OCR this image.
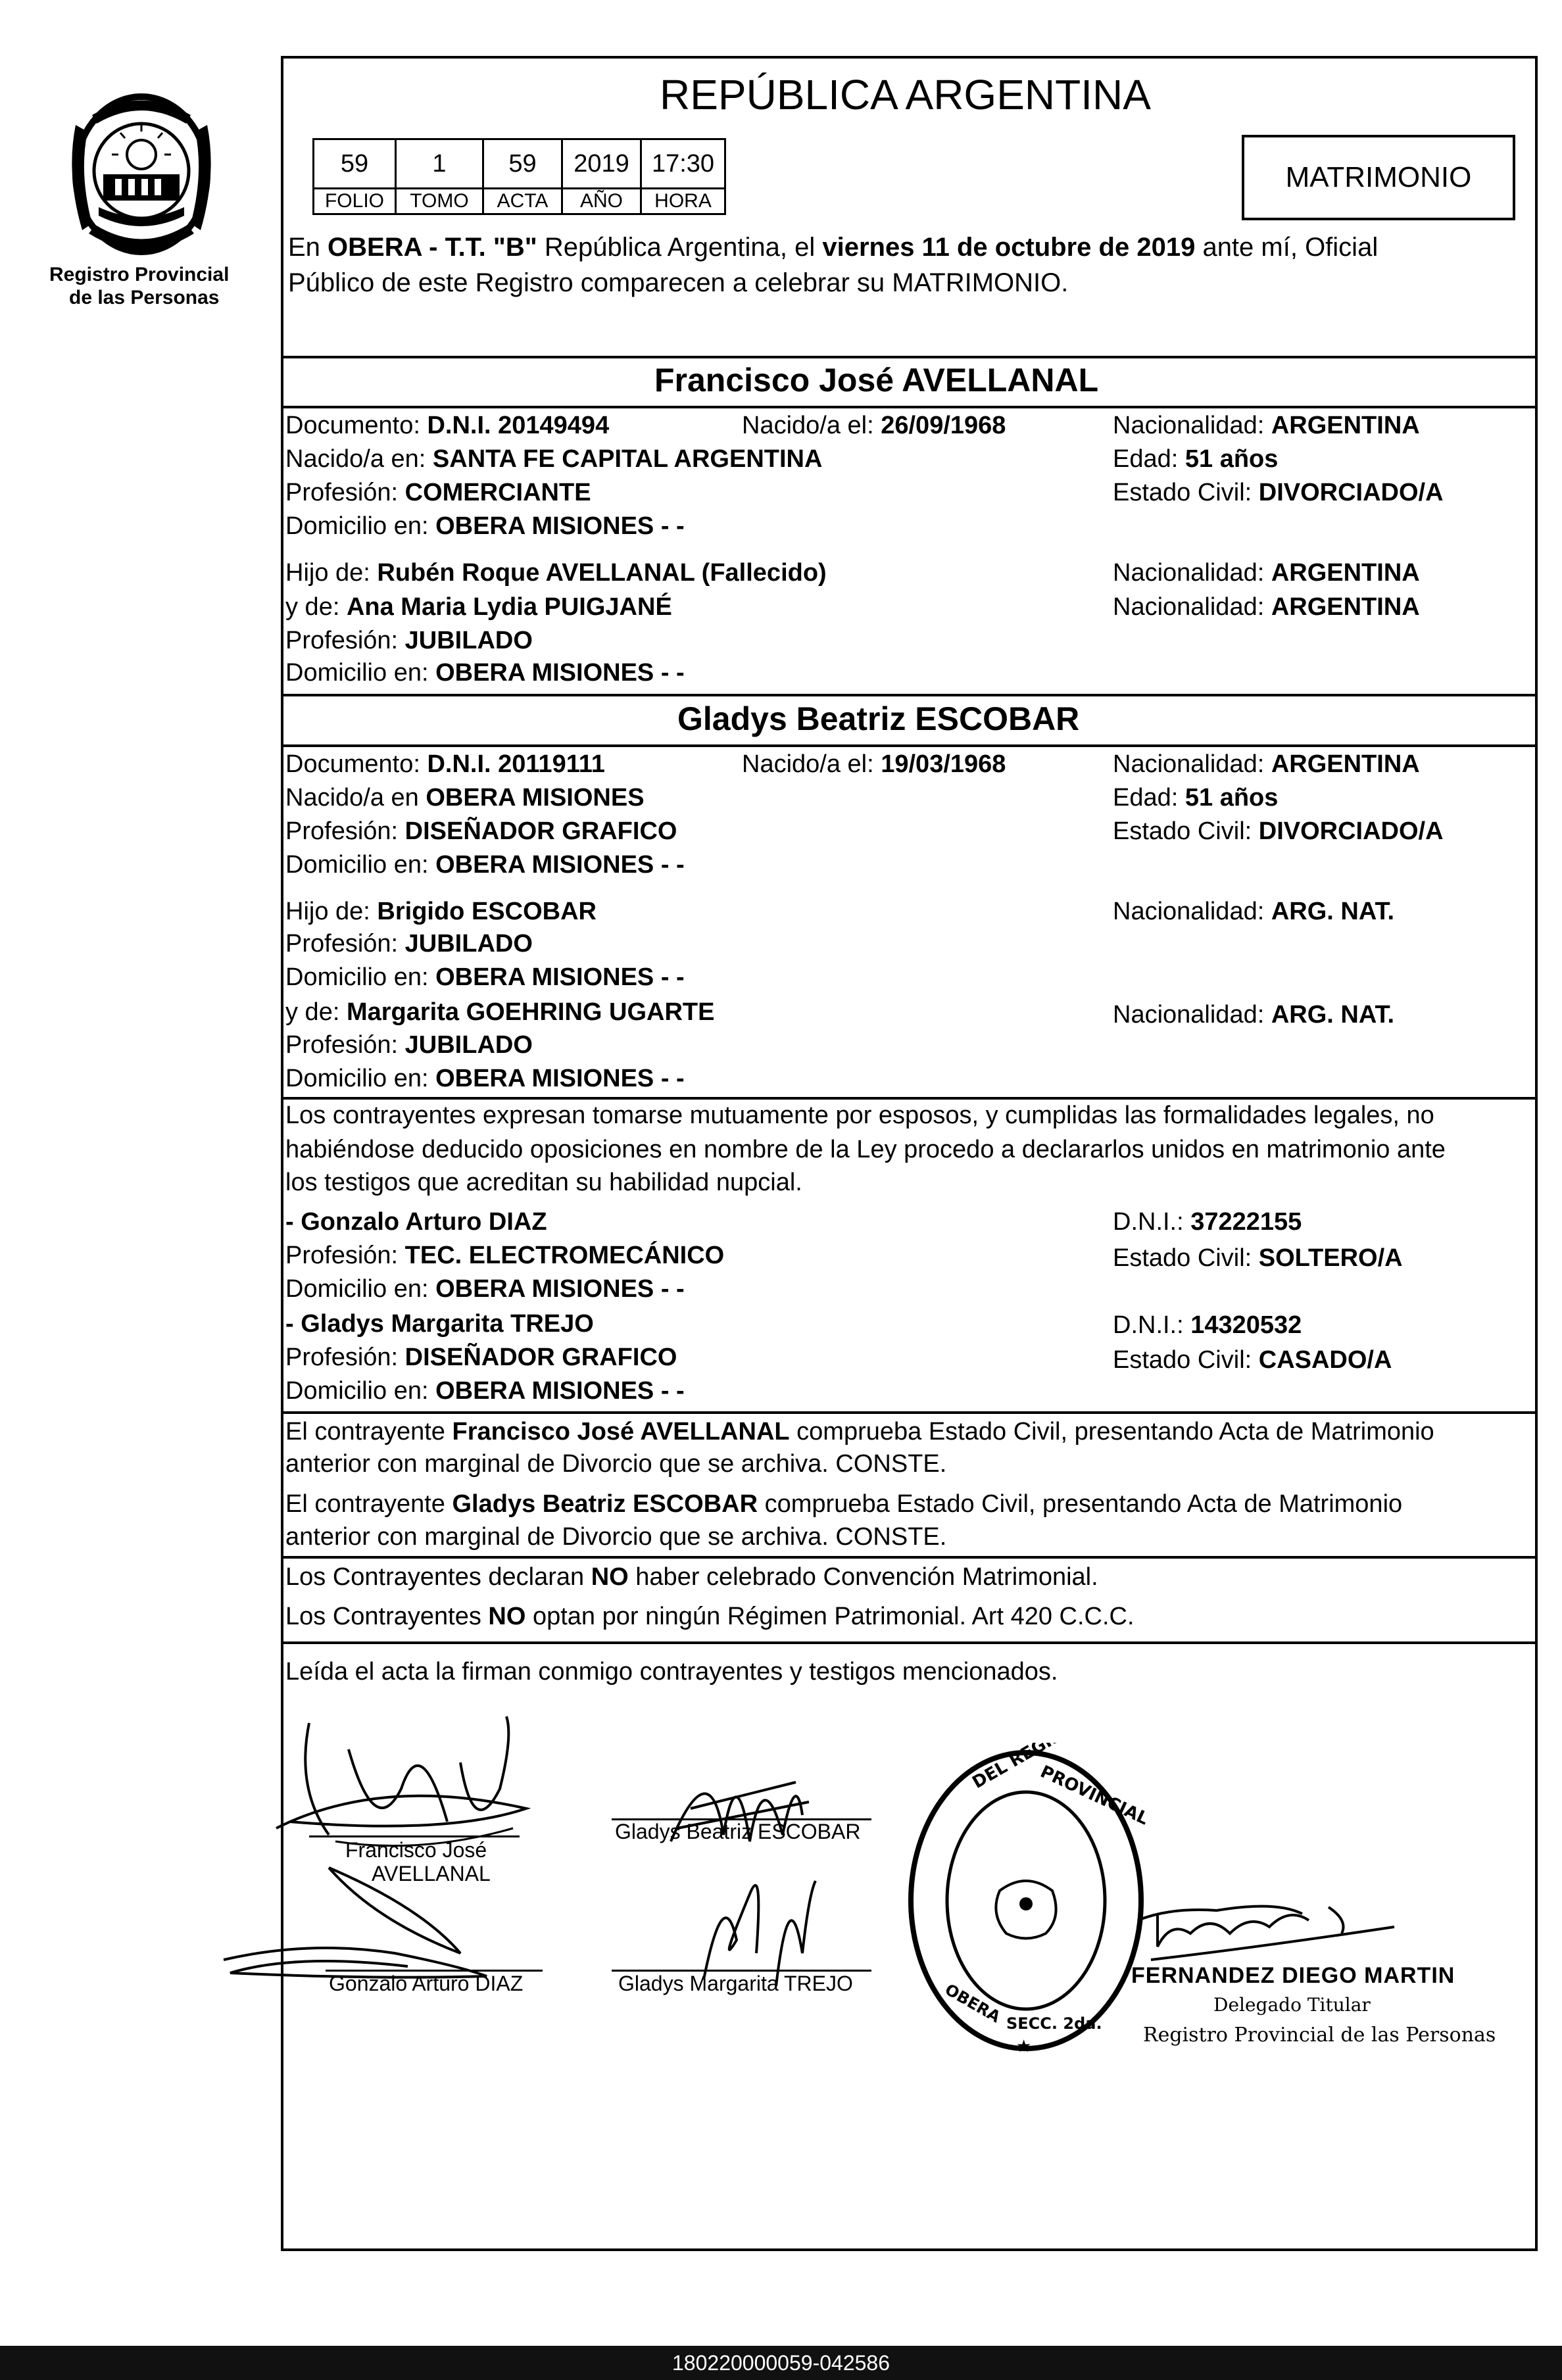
Registro Provincial
de las Personas
REPÚBLICA ARGENTINA
59	1	59	2019	17:30
FOLIO	TOMO	ACTA	AÑO	HORA
MATRIMONIO
En OBERA - T.T. "B" República Argentina, el viernes 11 de octubre de 2019 ante mí, Oficial
Público de este Registro comparecen a celebrar su MATRIMONIO.
Francisco José AVELLANAL
Documento: D.N.I. 20149494	Nacido/a el: 26/09/1968	Nacionalidad: ARGENTINA
Nacido/a en: SANTA FE CAPITAL ARGENTINA	Edad: 51 años
Profesión: COMERCIANTE	Estado Civil: DIVORCIADO/A
Domicilio en: OBERA MISIONES - -
Hijo de: Rubén Roque AVELLANAL (Fallecido)	Nacionalidad: ARGENTINA
y de: Ana Maria Lydia PUIGJANÉ	Nacionalidad: ARGENTINA
Profesión: JUBILADO
Domicilio en: OBERA MISIONES - -
Gladys Beatriz ESCOBAR
Documento: D.N.I. 20119111	Nacido/a el: 19/03/1968	Nacionalidad: ARGENTINA
Nacido/a en OBERA MISIONES	Edad: 51 años
Profesión: DISEÑADOR GRAFICO	Estado Civil: DIVORCIADO/A
Domicilio en: OBERA MISIONES - -
Hijo de: Brigido ESCOBAR	Nacionalidad: ARG. NAT.
Profesión: JUBILADO
Domicilio en: OBERA MISIONES - -
y de: Margarita GOEHRING UGARTE	Nacionalidad: ARG. NAT.
Profesión: JUBILADO
Domicilio en: OBERA MISIONES - -
Los contrayentes expresan tomarse mutuamente por esposos, y cumplidas las formalidades legales, no
habiéndose deducido oposiciones en nombre de la Ley procedo a declararlos unidos en matrimonio ante
los testigos que acreditan su habilidad nupcial.
- Gonzalo Arturo DIAZ	D.N.I.: 37222155
Profesión: TEC. ELECTROMECÁNICO	Estado Civil: SOLTERO/A
Domicilio en: OBERA MISIONES - -
- Gladys Margarita TREJO	D.N.I.: 14320532
Profesión: DISEÑADOR GRAFICO	Estado Civil: CASADO/A
Domicilio en: OBERA MISIONES - -
El contrayente Francisco José AVELLANAL comprueba Estado Civil, presentando Acta de Matrimonio
anterior con marginal de Divorcio que se archiva. CONSTE.
El contrayente Gladys Beatriz ESCOBAR comprueba Estado Civil, presentando Acta de Matrimonio
anterior con marginal de Divorcio que se archiva. CONSTE.
Los Contrayentes declaran NO haber celebrado Convención Matrimonial.
Los Contrayentes NO optan por ningún Régimen Patrimonial. Art 420 C.C.C.
Leída el acta la firman conmigo contrayentes y testigos mencionados.
Francisco José
AVELLANAL
Gladys Beatriz ESCOBAR
Gonzalo Arturo DIAZ	Gladys Margarita TREJO
DEL REGISTRO
PROVINCIAL
OBERA SECC. 2da.
★
FERNANDEZ DIEGO MARTIN
Delegado Titular
Registro Provincial de las Personas
180220000059-042586
